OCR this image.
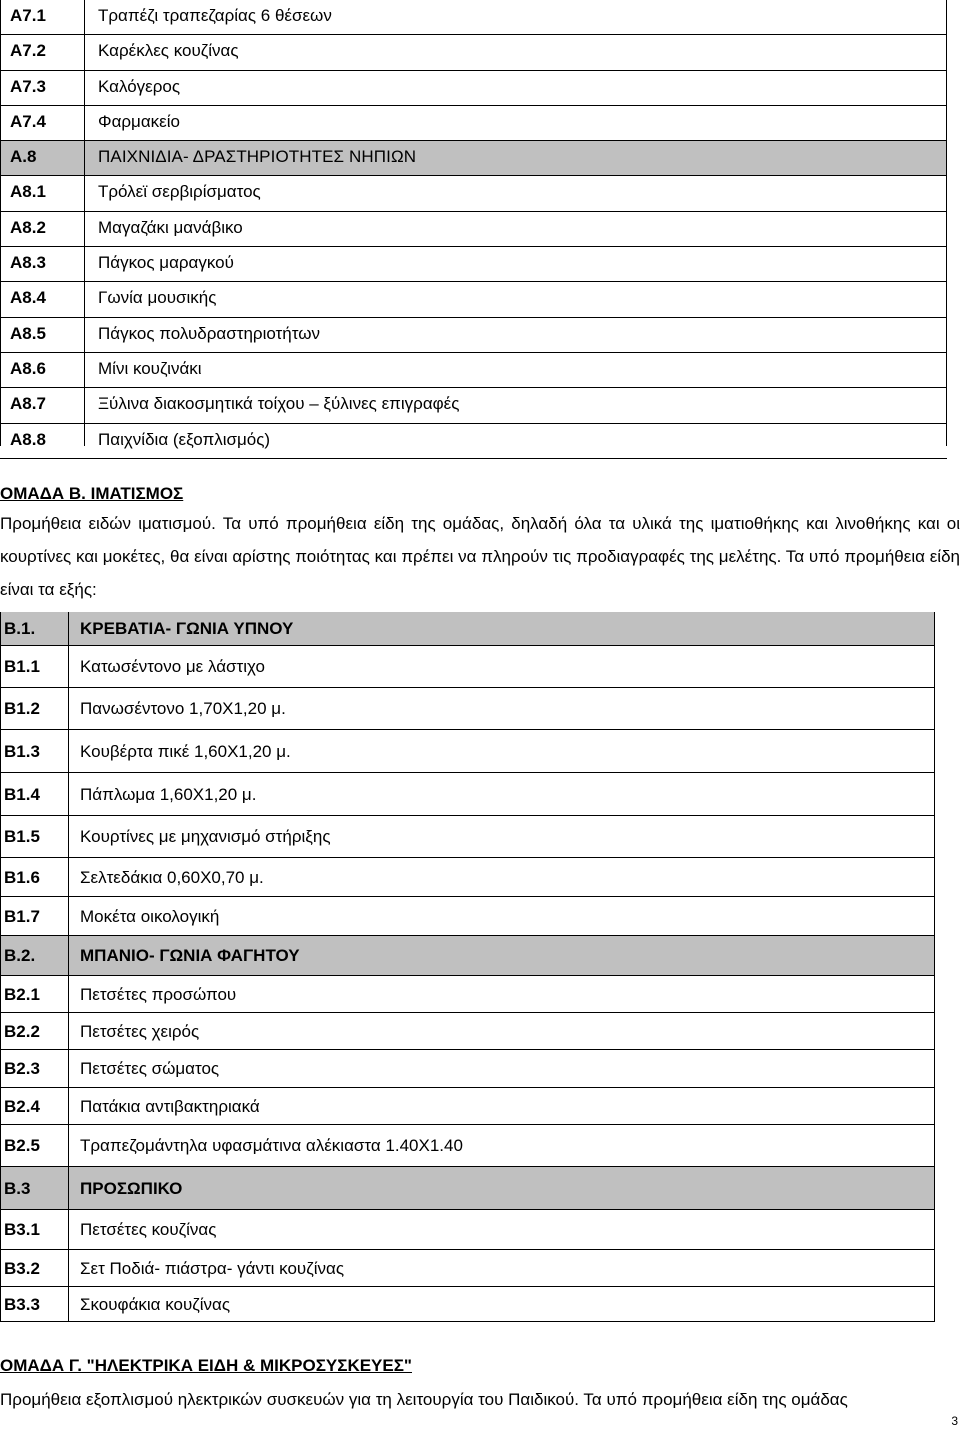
A7.1	Τραπέζι τραπεζαρίας 6 θέσεων
A7.2	Καρέκλες κουζίνας
A7.3	Καλόγερος
A7.4	Φαρμακείο
A.8	ΠΑΙΧΝΙΔΙΑ- ΔΡΑΣΤΗΡΙΟΤΗΤΕΣ ΝΗΠΙΩΝ
A8.1	Τρόλεϊ σερβιρίσματος
A8.2	Μαγαζάκι μανάβικο
A8.3	Πάγκος μαραγκού
A8.4	Γωνία μουσικής
A8.5	Πάγκος πολυδραστηριοτήτων
A8.6	Μίνι κουζινάκι
A8.7	Ξύλινα διακοσμητικά τοίχου – ξύλινες επιγραφές
A8.8	Παιχνίδια (εξοπλισμός)
ΟΜΑΔΑ Β. ΙΜΑΤΙΣΜΟΣ
Προμήθεια ειδών ιματισμού. Τα υπό προμήθεια είδη της ομάδας, δηλαδή όλα τα υλικά της ιματιοθήκης και λινοθήκης και οι κουρτίνες και μοκέτες, θα είναι αρίστης ποιότητας και πρέπει να πληρούν τις προδιαγραφές της μελέτης. Τα υπό προμήθεια είδη είναι τα εξής:
B.1.	ΚΡΕΒΑΤΙΑ- ΓΩΝΙΑ ΥΠΝΟΥ
B1.1 Κατωσέντονο με λάστιχο
B1.2 Πανωσέντονο 1,70Χ1,20 μ.
B1.3 Κουβέρτα πικέ 1,60Χ1,20 μ.
B1.4 Πάπλωμα 1,60Χ1,20 μ.
B1.5 Κουρτίνες με μηχανισμό στήριξης
B1.6 Σελτεδάκια 0,60Χ0,70 μ.
B1.7 Μοκέτα οικολογική
B.2.	ΜΠΑΝΙΟ- ΓΩΝΙΑ ΦΑΓΗΤΟΥ
B2.1 Πετσέτες προσώπου
B2.2 Πετσέτες χειρός
B2.3 Πετσέτες σώματος
B2.4 Πατάκια αντιβακτηριακά
B2.5 Τραπεζομάντηλα υφασμάτινα αλέκιαστα 1.40Χ1.40
B.3	ΠΡΟΣΩΠΙΚΟ
B3.1 Πετσέτες κουζίνας
B3.2 Σετ Ποδιά- πιάστρα- γάντι κουζίνας
B3.3 Σκουφάκια κουζίνας
ΟΜΑΔΑ Γ. "ΗΛΕΚΤΡΙΚΑ ΕΙΔΗ & ΜΙΚΡΟΣΥΣΚΕΥΕΣ"
Προμήθεια εξοπλισμού ηλεκτρικών συσκευών για τη λειτουργία του Παιδικού. Τα υπό προμήθεια είδη της ομάδας
3
